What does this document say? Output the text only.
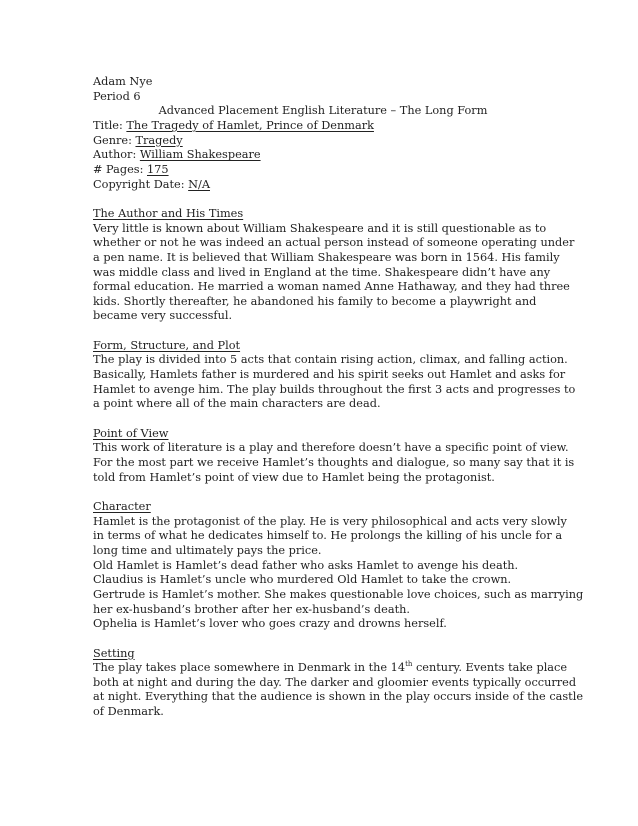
Adam Nye
Period 6
Advanced Placement English Literature – The Long Form
Title: The Tragedy of Hamlet, Prince of Denmark
Genre: Tragedy
Author: William Shakespeare
# Pages: 175
Copyright Date: N/A
The Author and His Times
Very little is known about William Shakespeare and it is still questionable as to
whether or not he was indeed an actual person instead of someone operating under
a pen name. It is believed that William Shakespeare was born in 1564. His family
was middle class and lived in England at the time. Shakespeare didn’t have any
formal education. He married a woman named Anne Hathaway, and they had three
kids. Shortly thereafter, he abandoned his family to become a playwright and
became very successful.
Form, Structure, and Plot
The play is divided into 5 acts that contain rising action, climax, and falling action.
Basically, Hamlets father is murdered and his spirit seeks out Hamlet and asks for
Hamlet to avenge him. The play builds throughout the first 3 acts and progresses to
a point where all of the main characters are dead.
Point of View
This work of literature is a play and therefore doesn’t have a specific point of view.
For the most part we receive Hamlet’s thoughts and dialogue, so many say that it is
told from Hamlet’s point of view due to Hamlet being the protagonist.
Character
Hamlet is the protagonist of the play. He is very philosophical and acts very slowly
in terms of what he dedicates himself to. He prolongs the killing of his uncle for a
long time and ultimately pays the price.
Old Hamlet is Hamlet’s dead father who asks Hamlet to avenge his death.
Claudius is Hamlet’s uncle who murdered Old Hamlet to take the crown.
Gertrude is Hamlet’s mother. She makes questionable love choices, such as marrying
her ex-husband’s brother after her ex-husband’s death.
Ophelia is Hamlet’s lover who goes crazy and drowns herself.
Setting
The play takes place somewhere in Denmark in the 14th century. Events take place
both at night and during the day. The darker and gloomier events typically occurred
at night. Everything that the audience is shown in the play occurs inside of the castle
of Denmark.
